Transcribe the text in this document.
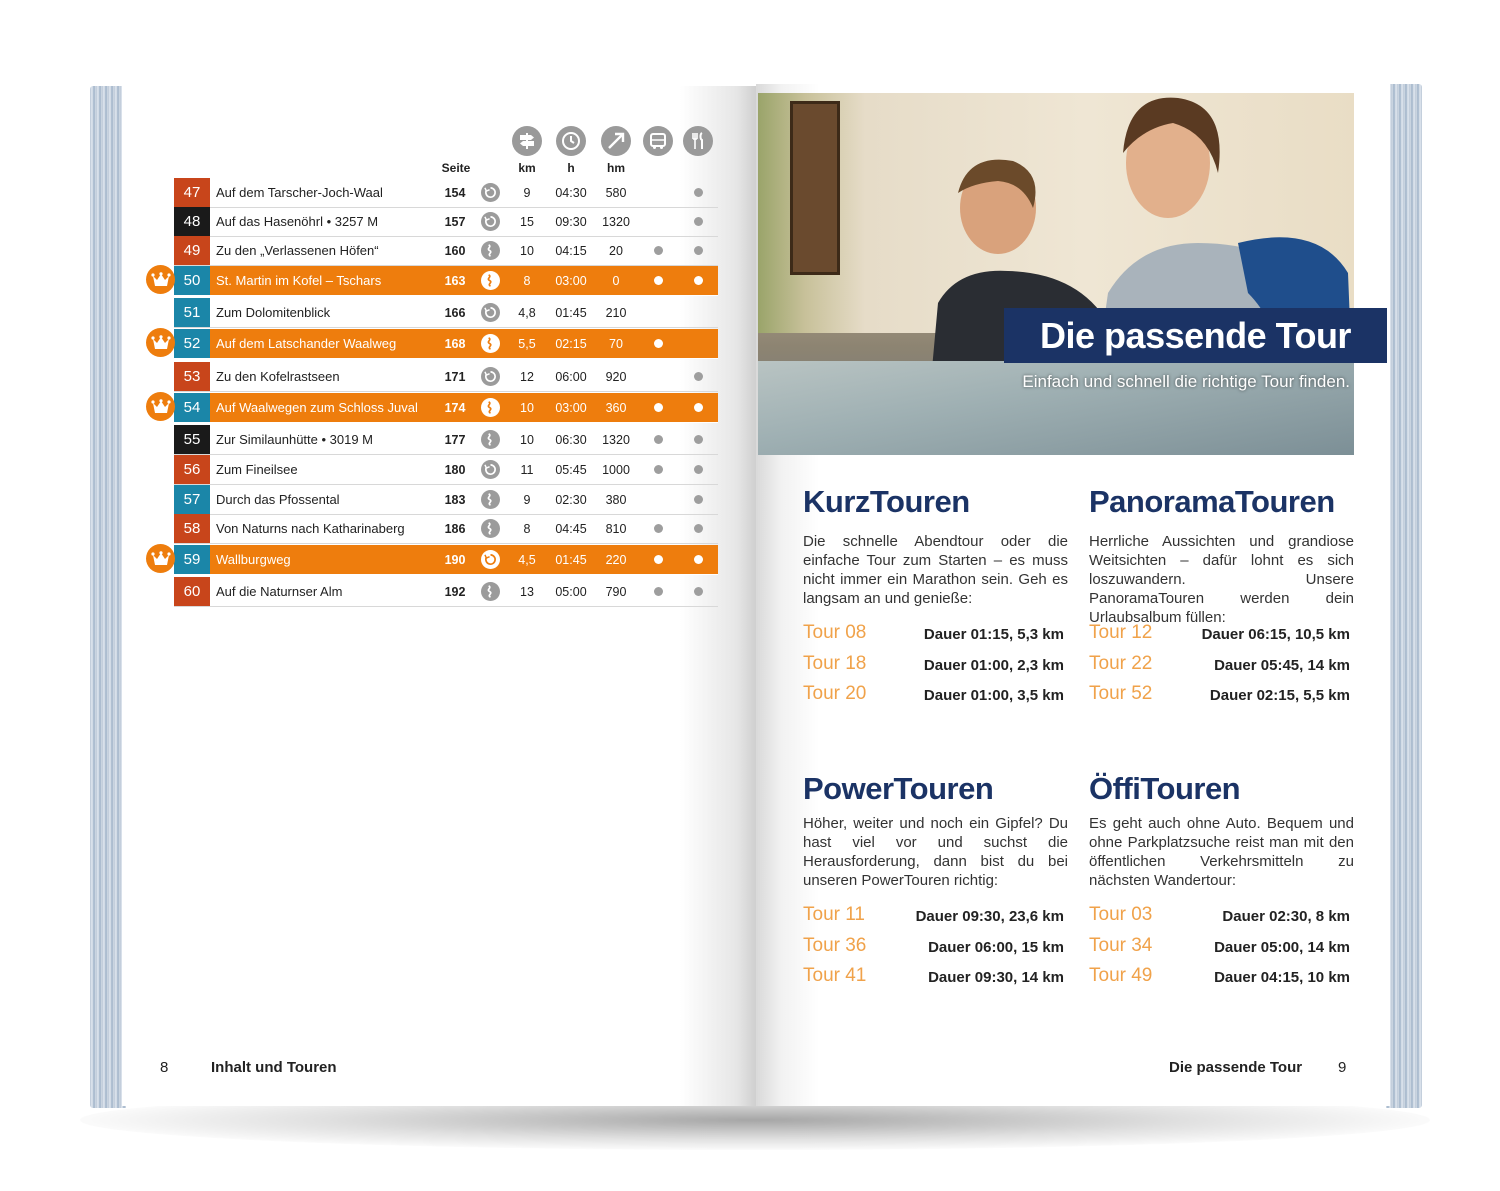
Seite	km	h	hm
47 Auf dem Tarscher-Joch-Waal	154	9	04:30	580
48 Auf das Hasenöhrl • 3257 M	157	15	09:30	1320
49 Zu den „Verlassenen Höfen“	160	10	04:15	20
50 St. Martin im Kofel – Tschars	163	8	03:00	0
51 Zum Dolomitenblick	166	4,8	01:45	210
52 Auf dem Latschander Waalweg	168	5,5	02:15	70
53 Zu den Kofelrastseen	171	12	06:00	920
54 Auf Waalwegen zum Schloss Juval	174	10	03:00	360
55 Zur Similaunhütte • 3019 M	177	10	06:30	1320
56 Zum Fineilsee	180	11	05:45	1000
57 Durch das Pfossental	183	9	02:30	380
58 Von Naturns nach Katharinaberg	186	8	04:45	810
59 Wallburgweg	190	4,5	01:45	220
60 Auf die Naturnser Alm	192	13	05:00	790
8	Inhalt und Touren
Die passende Tour
Einfach und schnell die richtige Tour finden.
KurzTouren
Die schnelle Abendtour oder die einfache Tour zum Starten – es muss nicht immer ein Marathon sein. Geh es langsam an und genieße:
Tour 08	Dauer 01:15, 5,3 km
Tour 18	Dauer 01:00, 2,3 km
Tour 20	Dauer 01:00, 3,5 km
PanoramaTouren
Herrliche Aussichten und grandiose Weitsichten – dafür lohnt es sich loszuwandern. Unsere PanoramaTouren werden dein Urlaubsalbum füllen:
Tour 12	Dauer 06:15, 10,5 km
Tour 22	Dauer 05:45, 14 km
Tour 52	Dauer 02:15, 5,5 km
PowerTouren
Höher, weiter und noch ein Gipfel? Du hast viel vor und suchst die Herausforderung, dann bist du bei unseren PowerTouren richtig:
Tour 11	Dauer 09:30, 23,6 km
Tour 36	Dauer 06:00, 15 km
Tour 41	Dauer 09:30, 14 km
ÖffiTouren
Es geht auch ohne Auto. Bequem und ohne Parkplatzsuche reist man mit den öffentlichen Verkehrsmitteln zu nächsten Wandertour:
Tour 03	Dauer 02:30, 8 km
Tour 34	Dauer 05:00, 14 km
Tour 49	Dauer 04:15, 10 km
Die passende Tour 9
